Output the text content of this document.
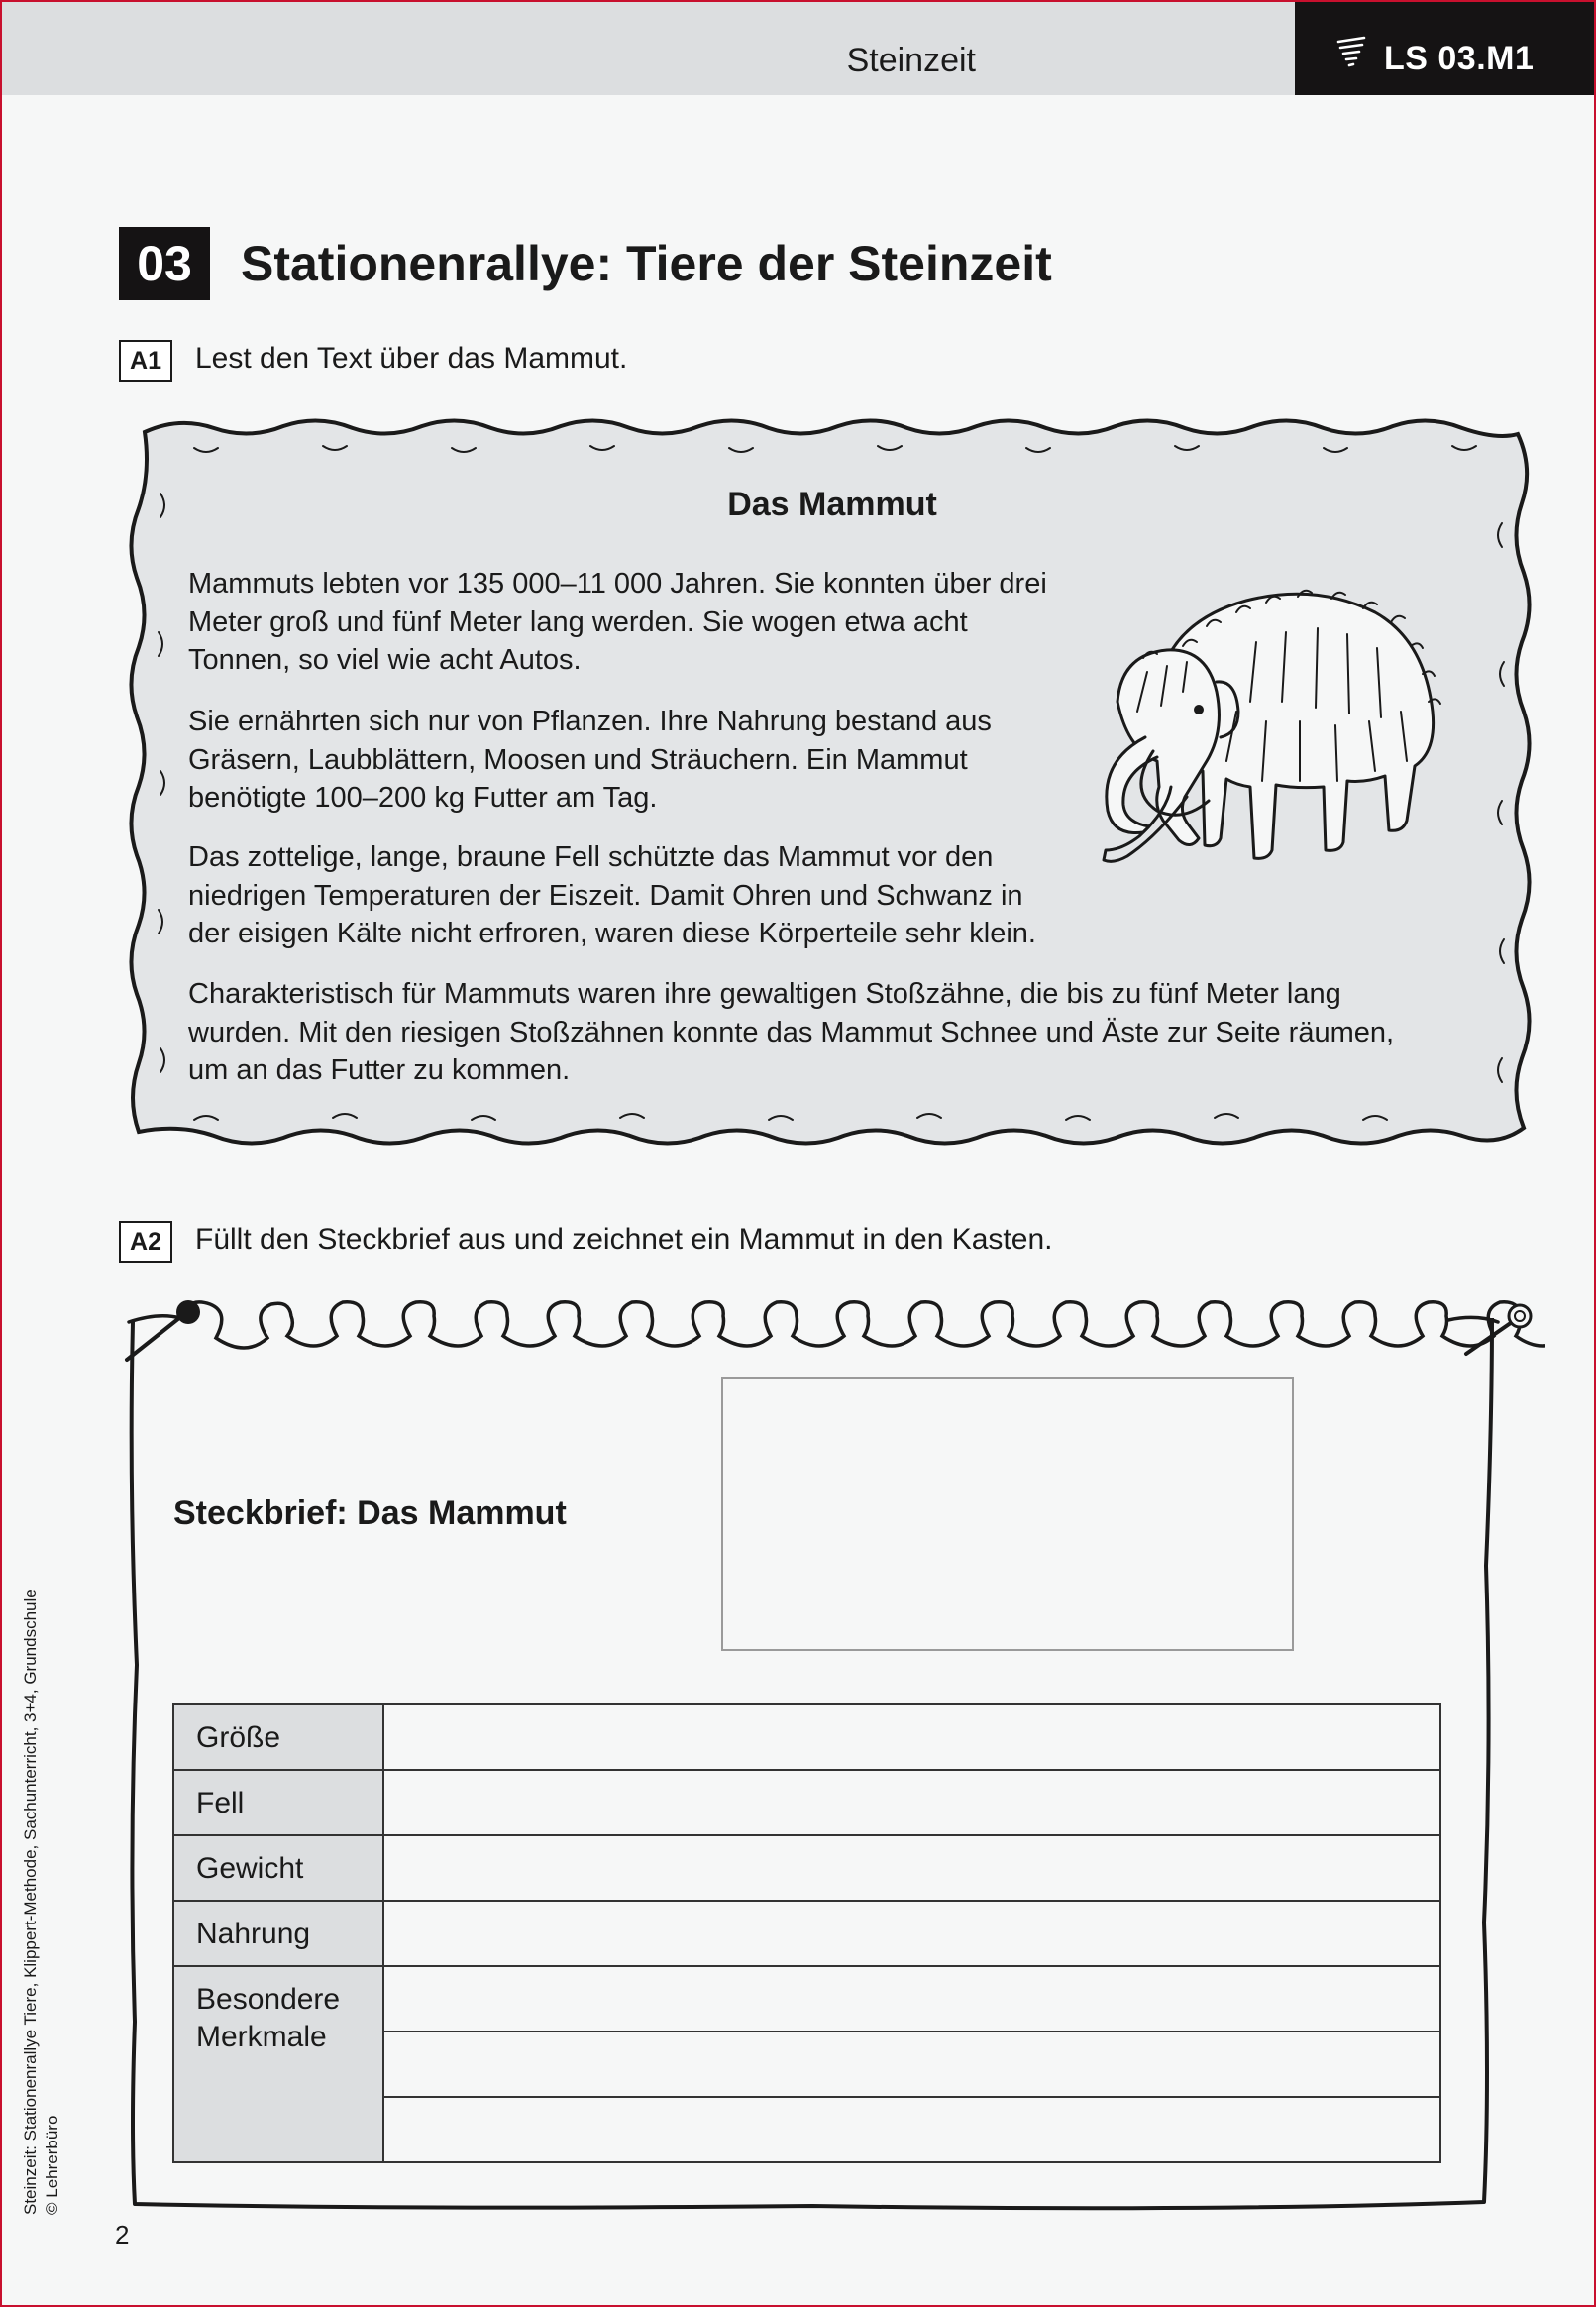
Steinzeit	LS 03.M1
03 Stationenrallye: Tiere der Steinzeit
A1	Lest den Text über das Mammut.
Das Mammut
Mammuts lebten vor 135 000–11 000 Jahren. Sie konnten über drei
Meter groß und fünf Meter lang werden. Sie wogen etwa acht
Tonnen, so viel wie acht Autos.
Sie ernährten sich nur von Pflanzen. Ihre Nahrung bestand aus
Gräsern, Laubblättern, Moosen und Sträuchern. Ein Mammut
benötigte 100–200 kg Futter am Tag.
Das zottelige, lange, braune Fell schützte das Mammut vor den
niedrigen Temperaturen der Eiszeit. Damit Ohren und Schwanz in
der eisigen Kälte nicht erfroren, waren diese Körperteile sehr klein.
Charakteristisch für Mammuts waren ihre gewaltigen Stoßzähne, die bis zu fünf Meter lang
wurden. Mit den riesigen Stoßzähnen konnte das Mammut Schnee und Äste zur Seite räumen,
um an das Futter zu kommen.
A2	Füllt den Steckbrief aus und zeichnet ein Mammut in den Kasten.
Steckbrief: Das Mammut
Größe	
Fell	
Gewicht	
Nahrung	
Besondere Merkmale	

Steinzeit: Stationenrallye Tiere, Klippert-Methode, Sachunterricht, 3+4, Grundschule © Lehrerbüro
2
